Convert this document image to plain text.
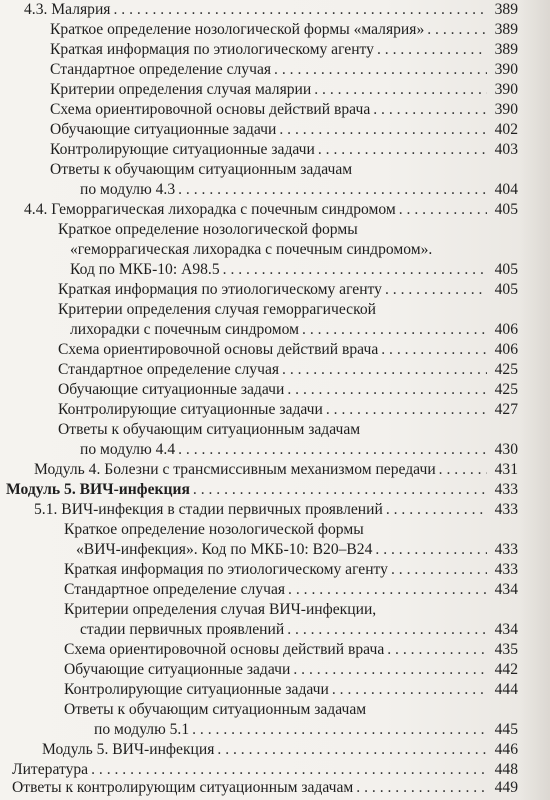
4.3. Малярия . . .	389
Краткое определение нозологической формы «малярия» . . .	389
Краткая информация по этиологическому агенту . . .	389
Стандартное определение случая . . .	390
Критерии определения случая малярии . . .	390
Схема ориентировочной основы действий врача . . .	390
Обучающие ситуационные задачи . . .	402
Контролирующие ситуационные задачи . . .	403
Ответы к обучающим ситуационным задачам
по модулю 4.3 . . .	404
4.4. Геморрагическая лихорадка с почечным синдромом . . .	405
Краткое определение нозологической формы
«геморрагическая лихорадка с почечным синдромом».
Код по МКБ-10: А98.5 . . .	405
Краткая информация по этиологическому агенту . . .	405
Критерии определения случая геморрагической
лихорадки с почечным синдромом . . .	406
Схема ориентировочной основы действий врача . . .	406
Стандартное определение случая . . .	425
Обучающие ситуационные задачи . . .	425
Контролирующие ситуационные задачи . . .	427
Ответы к обучающим ситуационным задачам
по модулю 4.4 . . .	430
Модуль 4. Болезни с трансмиссивным механизмом передачи . . .	431
Модуль 5. ВИЧ-инфекция . . .	433
5.1. ВИЧ-инфекция в стадии первичных проявлений . . .	433
Краткое определение нозологической формы
«ВИЧ-инфекция». Код по МКБ-10: В20–В24 . . .	433
Краткая информация по этиологическому агенту . . .	433
Стандартное определение случая . . .	434
Критерии определения случая ВИЧ-инфекции,
стадии первичных проявлений . . .	434
Схема ориентировочной основы действий врача . . .	435
Обучающие ситуационные задачи . . .	442
Контролирующие ситуационные задачи . . .	444
Ответы к обучающим ситуационным задачам
по модулю 5.1 . . .	445
Модуль 5. ВИЧ-инфекция . . .	446
Литература . . .	448
Ответы к контролирующим ситуационным задачам . . .	449
